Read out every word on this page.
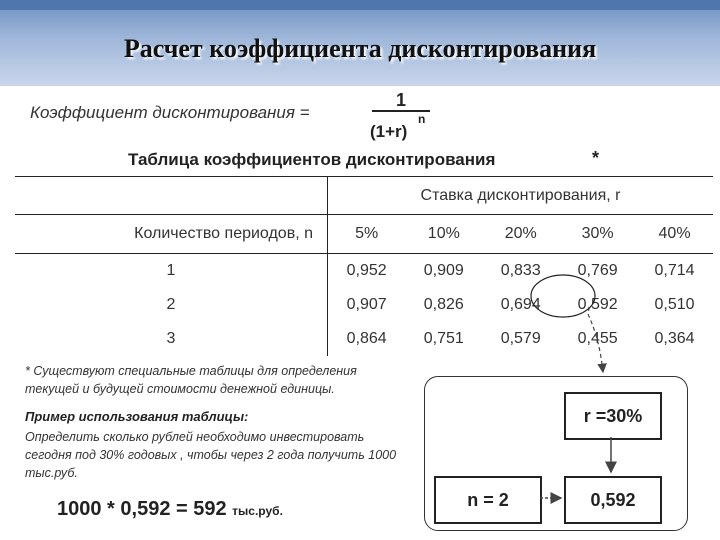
Расчет коэффициента дисконтирования
Коэффициент дисконтирования =
1
(1+r)
n
Таблица коэффициентов дисконтирования	*
	Ставка дисконтирования, r				
Количество периодов, n	5%	10%	20%	30%	40%
1	0,952	0,909	0,833	0,769	0,714
2	0,907	0,826	0,694	0,592	0,510
3	0,864	0,751	0,579	0,455	0,364
* Существуют специальные таблицы для определения текущей и будущей стоимости денежной единицы.
Пример использования таблицы:
Определить сколько рублей необходимо инвестировать сегодня под 30% годовых , чтобы через 2 года получить 1000 тыс.руб.
1000 * 0,592 = 592 тыс.руб.
r =30%
n = 2	0,592
